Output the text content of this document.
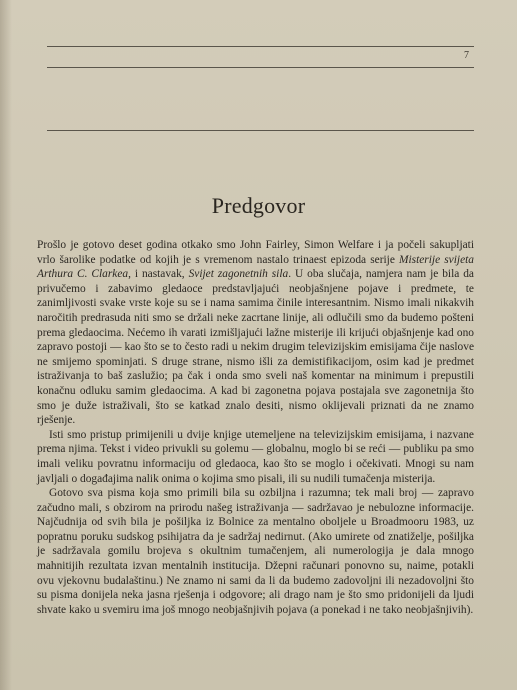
7
Predgovor

Prošlo je gotovo deset godina otkako smo John Fairley, Simon Welfare i ja počeli sakupljati vrlo šarolike podatke od kojih je s vremenom nastalo trinaest epizoda serije Misterije svijeta Arthura C. Clarkea, i nastavak, Svijet zagonetnih sila. U oba slučaja, namjera nam je bila da privučemo i zabavimo gledaoce predstavljajući neobjašnjene pojave i predmete, te zanimljivosti svake vrste koje su se i nama samima činile interesantnim. Nismo imali nikakvih naročitih predrasuda niti smo se držali neke zacrtane linije, ali odlučili smo da budemo pošteni prema gledaocima. Nećemo ih varati izmišljajući lažne misterije ili krijući objašnjenje kad ono zapravo postoji — kao što se to često radi u nekim drugim televizijskim emisijama čije naslove ne smijemo spominjati. S druge strane, nismo išli za demistifikacijom, osim kad je predmet istraživanja to baš zaslužio; pa čak i onda smo sveli naš komentar na minimum i prepustili konačnu odluku samim gledaocima. A kad bi zagonetna pojava postajala sve zagonetnija što smo je duže istraživali, što se katkad znalo desiti, nismo oklijevali priznati da ne znamo rješenje.

Isti smo pristup primijenili u dvije knjige utemeljene na televizijskim emisijama, i nazvane prema njima. Tekst i video privukli su golemu — globalnu, moglo bi se reći — publiku pa smo imali veliku povratnu informaciju od gledaoca, kao što se moglo i očekivati. Mnogi su nam javljali o događajima nalik onima o kojima smo pisali, ili su nudili tumačenja misterija.

Gotovo sva pisma koja smo primili bila su ozbiljna i razumna; tek mali broj — zapravo začudno mali, s obzirom na prirodu našeg istraživanja — sadržavao je nebulozne informacije. Najčudnija od svih bila je pošiljka iz Bolnice za mentalno oboljele u Broadmooru 1983, uz popratnu poruku sudskog psihijatra da je sadržaj nedirnut. (Ako umirete od znatiželje, pošiljka je sadržavala gomilu brojeva s okultnim tumačenjem, ali numerologija je dala mnogo mahnitijih rezultata izvan mentalnih institucija. Džepni računari ponovno su, naime, potakli ovu vjekovnu budalaštinu.) Ne znamo ni sami da li da budemo zadovoljni ili nezadovoljni što su pisma donijela neka jasna rješenja i odgovore; ali drago nam je što smo pridonijeli da ljudi shvate kako u svemiru ima još mnogo neobjašnjivih pojava (a ponekad i ne tako neobjašnjivih).
